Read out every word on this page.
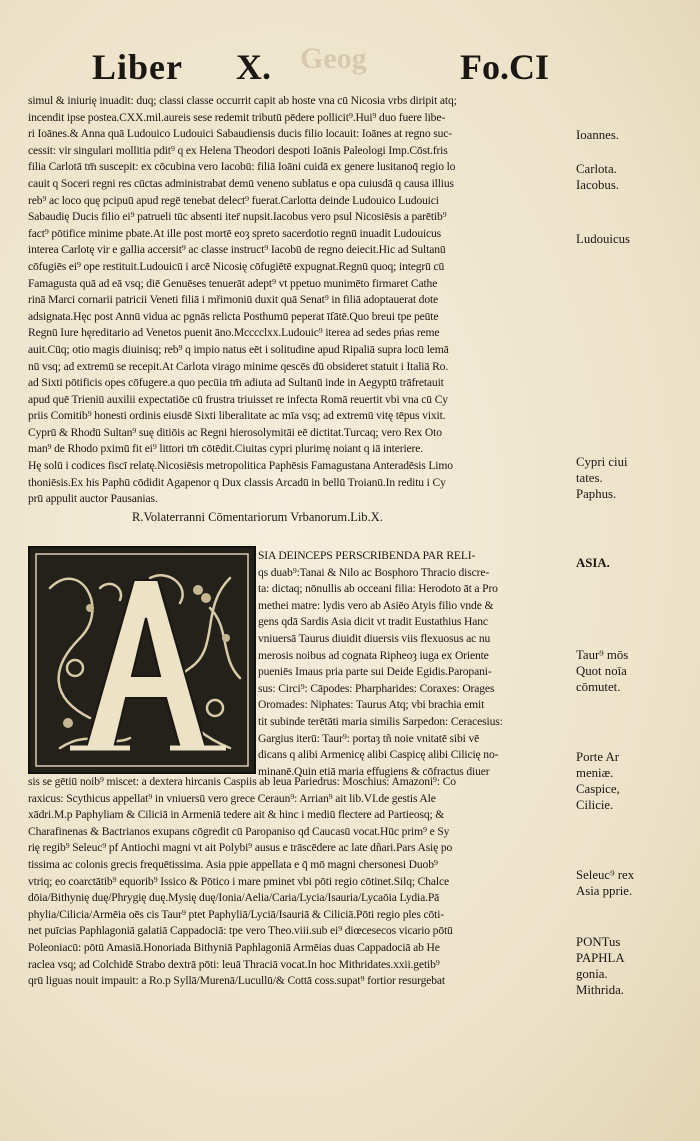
Geog
Liber X.	Fo.CI
simul & iniurię inuadit: duq; classi classe occurrit capit ab hoste vna cū Nicosia vrbs diripit atq;
incendit ipse postea.CXX.mil.aureis sese redemit tributū pēdere pollicit⁹.Hui⁹ duo fuere libe-
ri Ioānes.& Anna quā Ludouico Ludouici Sabaudiensis ducis filio locauit: Ioānes at regno suc-
cessit: vir singulari mollitia pdit⁹ q ex Helena Theodori despoti Ioānis Paleologi Imp.Cōst.fris
filia Carlotā tm̄ suscepit: ex cōcubina vero Iacobū: filiā Ioāni cuidā ex genere lusitanoq̄ regio lo
cauit q Soceri regni res cūctas administrabat demū veneno sublatus e opa cuiusdā q causa illius
reb⁹ ac loco quę pcipuū apud regē tenebat delect⁹ fuerat.Carlotta deinde Ludouico Ludouici
Sabaudię Ducis filio ei⁹ patrueli tūc absenti iter̄ nupsit.Iacobus vero psul Nicosiēsis a parētib⁹
fact⁹ pōtifice minime pbate.At ille post mortē eoȝ spreto sacerdotio regnū inuadit Ludouicus
interea Carlotę vir e gallia accersit⁹ ac classe instruct⁹ Iacobū de regno deiecit.Hic ad Sultanū
cōfugiēs ei⁹ ope restituit.Ludouicū i arcē Nicosię cōfugiētē expugnat.Regnū quoq; integrū cū
Famagusta quā ad eā vsq; diē Genuēses tenuerāt adept⁹ vt ppetuo munimēto firmaret Cathe
rinā Marci cornarii patricii Veneti filiā i mřimoniū duxit quā Senat⁹ in filiā adoptauerat dote
adsignata.Hęc post Annū vidua ac pgnās relicta Posthumū peperat īfātē.Quo breui tpe peūte
Regnū Iure hęreditario ad Venetos puenit āno.Mcccclxx.Ludouic⁹ iterea ad sedes pńas reme
auit.Cūq; otio magis diuinisq; reb⁹ q impio natus eēt i solitudine apud Ripaliā supra locū lemā
nū vsq; ad extremū se recepit.At Carlota virago minime qescēs dū obsideret statuit i Italiā Ro.
ad Sixti pōtificis opes cōfugere.a quo pecūia tm̄ adiuta ad Sultanū inde in Aegyptū trāfretauit
apud quē Trieniū auxilii expectatiōe cū frustra triuisset re infecta Romā reuertit vbi vna cū Cy
priis Comitib⁹ honesti ordinis eiusdē Sixti liberalitate ac mīa vsq; ad extremū vitę tēpus vixit.
Cyprū & Rhodū Sultan⁹ suę ditiōis ac Regni hierosolymitāi eē dictitat.Turcaq; vero Rex Oto
man⁹ de Rhodo pximū fit ei⁹ littori tm̄ cōtēdit.Ciuitas cypri plurimę noiant q iā interiere.
Hę solū i codices fiscī relatę.Nicosiēsis metropolitica Paphēsis Famagustana Anteradēsis Limo
thoniēsis.Ex his Paphū cōdidit Agapenor q Dux classis Arcadū in bellū Troianū.In reditu i Cy
prū appulit auctor Pausanias.
R.Volaterranni Cōmentariorum Vrbanorum.Lib.X.
SIA DEINCEPS PERSCRIBENDA PAR RELI-
qs duab⁹:Tanai & Nilo ac Bosphoro Thracio discre-
ta: dictaq; nōnullis ab occeani filia: Herodoto āt a Pro
methei matre: lydis vero ab Asiēo Atyis filio vnde &
gens qdā Sardis Asia dicit vt tradit Eustathius Hanc
vniuersā Taurus diuidit diuersis viis flexuosus ac nu
merosis noibus ad cognata Ripheoȝ iuga ex Oriente
pueniēs Imaus pria parte sui Deide Egidis.Paropani-
sus: Circi⁹: Cāpodes: Pharpharides: Coraxes: Orages
Oromades: Niphates: Taurus Atq; vbi brachia emit
tit subinde terētāti maria similis Sarpedon: Ceracesius:
Gargius iterū: Taur⁹: portaȝ tñ noie vnitatē sibi vē
dicans q alibi Armenicę alibi Caspicę alibi Cilicię no-
minanē.Quin etiā maria effugiens & cōfractus diuer
sis se gētiū noib⁹ miscet: a dextera hircanis Caspiis ab leua Pariedrus: Moschius: Amazoni⁹: Co
raxicus: Scythicus appellat⁹ in vniuersū vero grece Ceraun⁹: Arrian⁹ ait lib.VI.de gestis Ale
xādri.M.p Paphyliam & Ciliciā in Armeniā tedere ait & hinc i mediū flectere ad Partieosq; &
Charafinenas & Bactrianos exupans cōgredit cū Paropaniso qd Caucasū vocat.Hūc prim⁹ e Sy
rię regib⁹ Seleuc⁹ pf Antiochi magni vt ait Polybi⁹ ausus e trāscēdere ac late dñari.Pars Asię po
tissima ac colonis grecis frequētissima. Asia ppie appellata e q̄ mō magni chersonesi Duob⁹
vtriq; eo coarctātib⁹ equorib⁹ Issico & Pōtico i mare pminet vbi pōti regio cōtinet.Silq; Chalce
dōia/Bithynię duę/Phrygię duę.Mysię duę/Ionia/Aelia/Caria/Lycia/Isauria/Lycaōia Lydia.Pā
phylia/Cilicia/Armēia oēs cis Taur⁹ ptet Paphyliā/Lyciā/Isauriā & Ciliciā.Pōti regio ples cōti-
net puīcias Paphlagoniā galatiā Cappadociā: tpe vero Theo.viii.sub ei⁹ diœcesecos vicario pōtū
Poleoniacū: pōtū Amasiā.Honoriada Bithyniā Paphlagoniā Armēias duas Cappadociā ab He
raclea vsq; ad Colchidē Strabo dextrā pōti: leuā Thraciā vocat.In hoc Mithridates.xxii.getib⁹
qrū liguas nouit impauit: a Ro.p Syllā/Murenā/Lucullū/& Cottā coss.supat⁹ fortior resurgebat
Ioannes.
Carlota.
Iacobus.
Ludouicus
Cypri ciui
tates.
Paphus.
ASIA.
Taur⁹ mōs
Quot noīa
cōmutet.
Porte Ar
meniæ.
Caspice,
Cilicie.
Seleuc⁹ rex
Asia pprie.
PONTus
PAPHLA
gonia.
Mithrida.
